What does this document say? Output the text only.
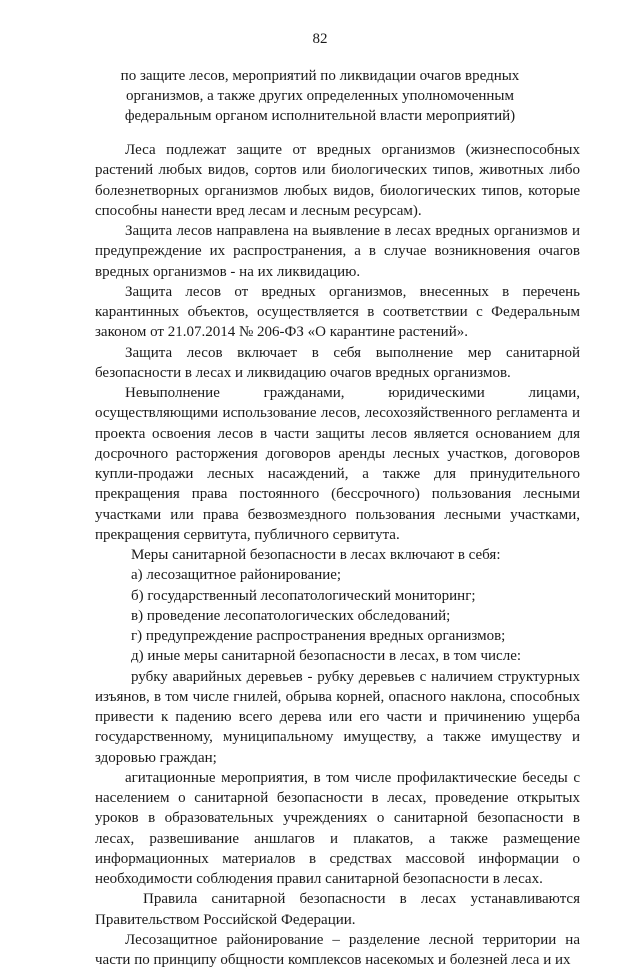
82
по защите лесов, мероприятий по ликвидации очагов вредных
организмов, а также других определенных уполномоченным
федеральным органом исполнительной власти мероприятий)

Леса подлежат защите от вредных организмов (жизнеспособных растений любых видов, сортов или биологических типов, животных либо болезнетворных организмов любых видов, биологических типов, которые способны нанести вред лесам и лесным ресурсам).

Защита лесов направлена на выявление в лесах вредных организмов и предупреждение их распространения, а в случае возникновения очагов вредных организмов - на их ликвидацию.

Защита лесов от вредных организмов, внесенных в перечень карантинных объектов, осуществляется в соответствии с Федеральным законом от 21.07.2014 № 206-ФЗ «О карантине растений».

Защита лесов включает в себя выполнение мер санитарной безопасности в лесах и ликвидацию очагов вредных организмов.

Невыполнение гражданами, юридическими лицами, осуществляющими использование лесов, лесохозяйственного регламента и проекта освоения лесов в части защиты лесов является основанием для досрочного расторжения договоров аренды лесных участков, договоров купли-продажи лесных насаждений, а также для принудительного прекращения права постоянного (бессрочного) пользования лесными участками или права безвозмездного пользования лесными участками, прекращения сервитута, публичного сервитута.

Меры санитарной безопасности в лесах включают в себя:

а) лесозащитное районирование;

б) государственный лесопатологический мониторинг;

в) проведение лесопатологических обследований;

г) предупреждение распространения вредных организмов;

д) иные меры санитарной безопасности в лесах, в том числе:

рубку аварийных деревьев - рубку деревьев с наличием структурных изъянов, в том числе гнилей, обрыва корней, опасного наклона, способных привести к падению всего дерева или его части и причинению ущерба государственному, муниципальному имуществу, а также имуществу и здоровью граждан;

агитационные мероприятия, в том числе профилактические беседы с населением о санитарной безопасности в лесах, проведение открытых уроков в образовательных учреждениях о санитарной безопасности в лесах, развешивание аншлагов и плакатов, а также размещение информационных материалов в средствах массовой информации о необходимости соблюдения правил санитарной безопасности в лесах.

Правила санитарной безопасности в лесах устанавливаются Правительством Российской Федерации.

Лесозащитное районирование – разделение лесной территории на части по принципу общности комплексов насекомых и болезней леса и их
